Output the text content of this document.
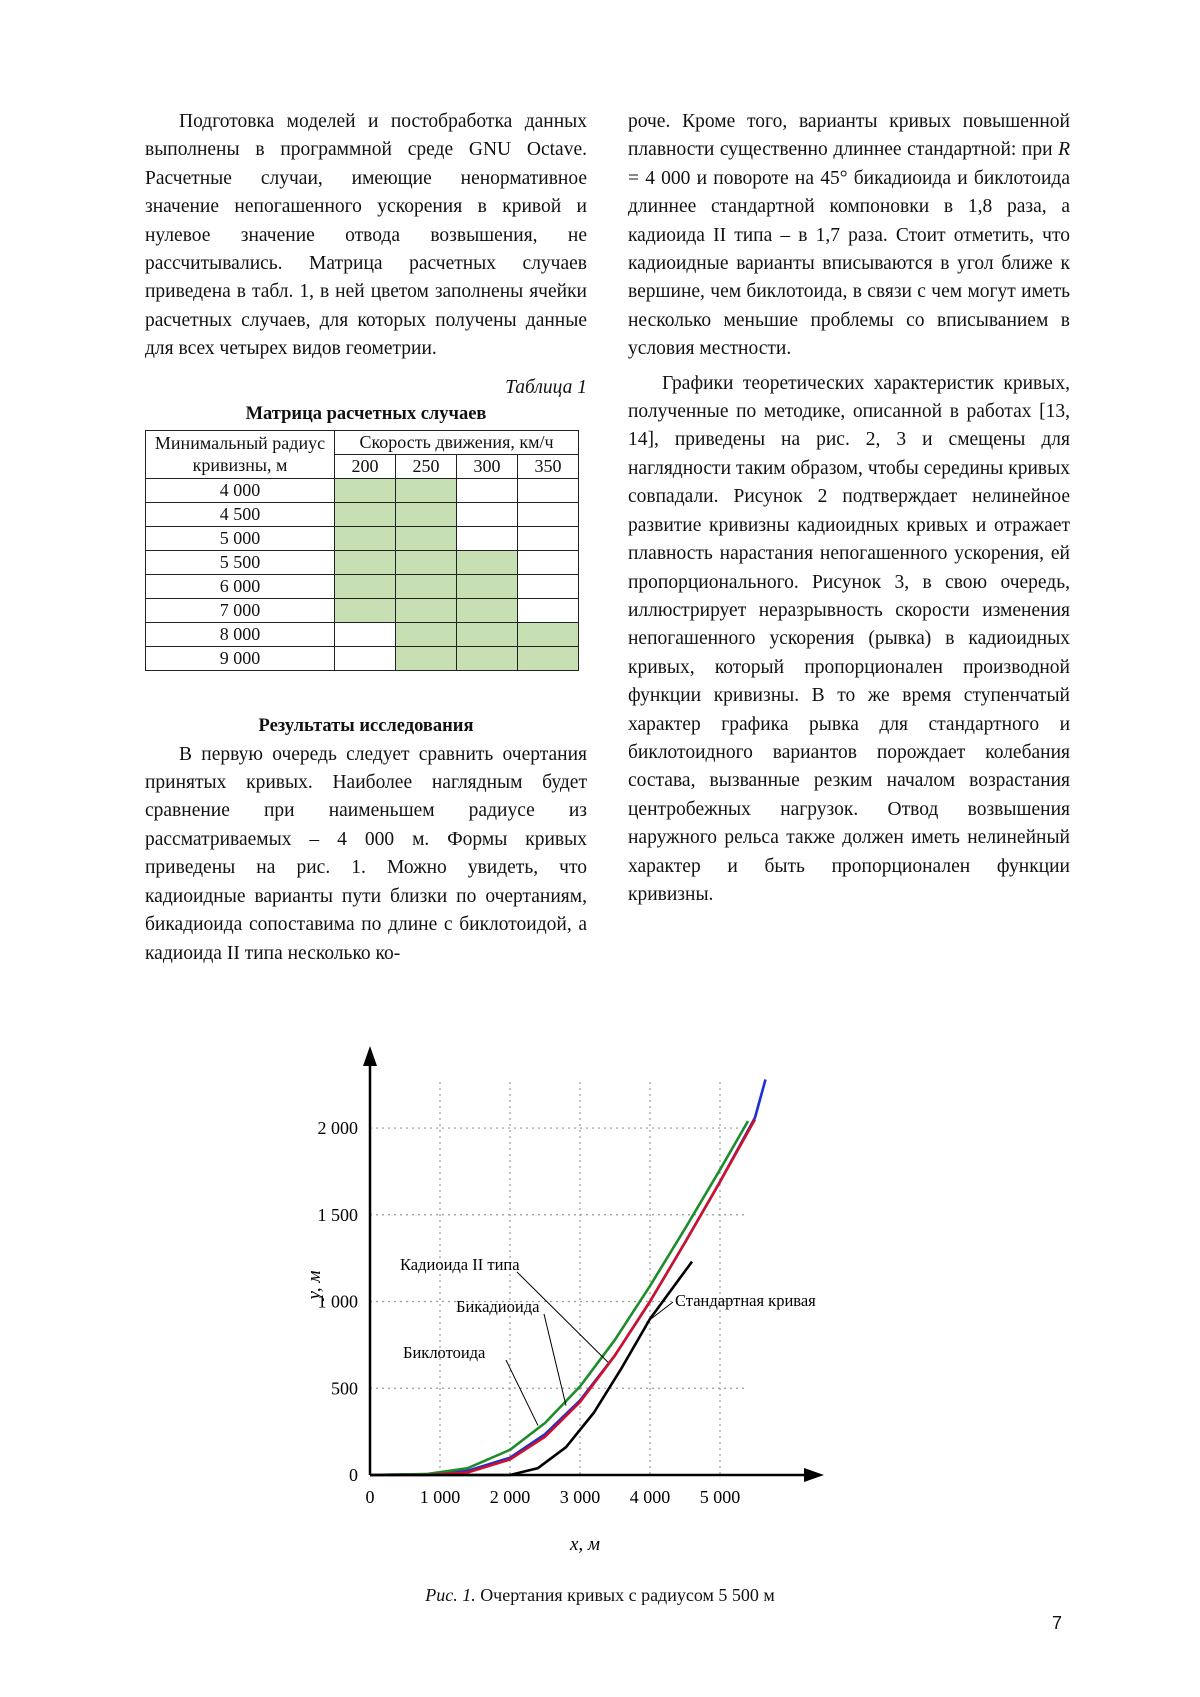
Подготовка моделей и постобработка данных выполнены в программной среде GNU Octave. Расчетные случаи, имеющие ненормативное значение непогашенного ускорения в кривой и нулевое значение отвода возвышения, не рассчитывались. Матрица расчетных случаев приведена в табл. 1, в ней цветом заполнены ячейки расчетных случаев, для которых получены данные для всех четырех видов геометрии.

Таблица 1
Матрица расчетных случаев
Минимальный радиус кривизны, м	Скорость движения, км/ч			
	200	250	300	350
4 000				
4 500				
5 000				
5 500				
6 000				
7 000				
8 000				
9 000				
Результаты исследования

В первую очередь следует сравнить очертания принятых кривых. Наиболее наглядным будет сравнение при наименьшем радиусе из рассматриваемых – 4 000 м. Формы кривых приведены на рис. 1. Можно увидеть, что кадиоидные варианты пути близки по очертаниям, бикадиоида сопоставима по длине с биклотоидой, а кадиоида II типа несколько ко-

роче. Кроме того, варианты кривых повышенной плавности существенно длиннее стандартной: при R = 4 000 и повороте на 45° бикадиоида и биклотоида длиннее стандартной компоновки в 1,8 раза, а кадиоида II типа – в 1,7 раза. Стоит отметить, что кадиоидные варианты вписываются в угол ближе к вершине, чем биклотоида, в связи с чем могут иметь несколько меньшие проблемы со вписыванием в условия местности.

Графики теоретических характеристик кривых, полученные по методике, описанной в работах [13, 14], приведены на рис. 2, 3 и смещены для наглядности таким образом, чтобы середины кривых совпадали. Рисунок 2 подтверждает нелинейное развитие кривизны кадиоидных кривых и отражает плавность нарастания непогашенного ускорения, ей пропорционального. Рисунок 3, в свою очередь, иллюстрирует неразрывность скорости изменения непогашенного ускорения (рывка) в кадиоидных кривых, который пропорционален производной функции кривизны. В то же время ступенчатый характер графика рывка для стандартного и биклотоидного вариантов порождает колебания состава, вызванные резким началом возрастания центробежных нагрузок. Отвод возвышения наружного рельса также должен иметь нелинейный характер и быть пропорционален функции кривизны.

0	1 000 2 000 3 000 4 000 5 000
0
500
1 000
1 500
2 000
Кадиоида II типа
Бикадиоида
Биклотоида
Стандартная кривая
x, м
y, м
Рис. 1. Очертания кривых с радиусом 5 500 м
7
